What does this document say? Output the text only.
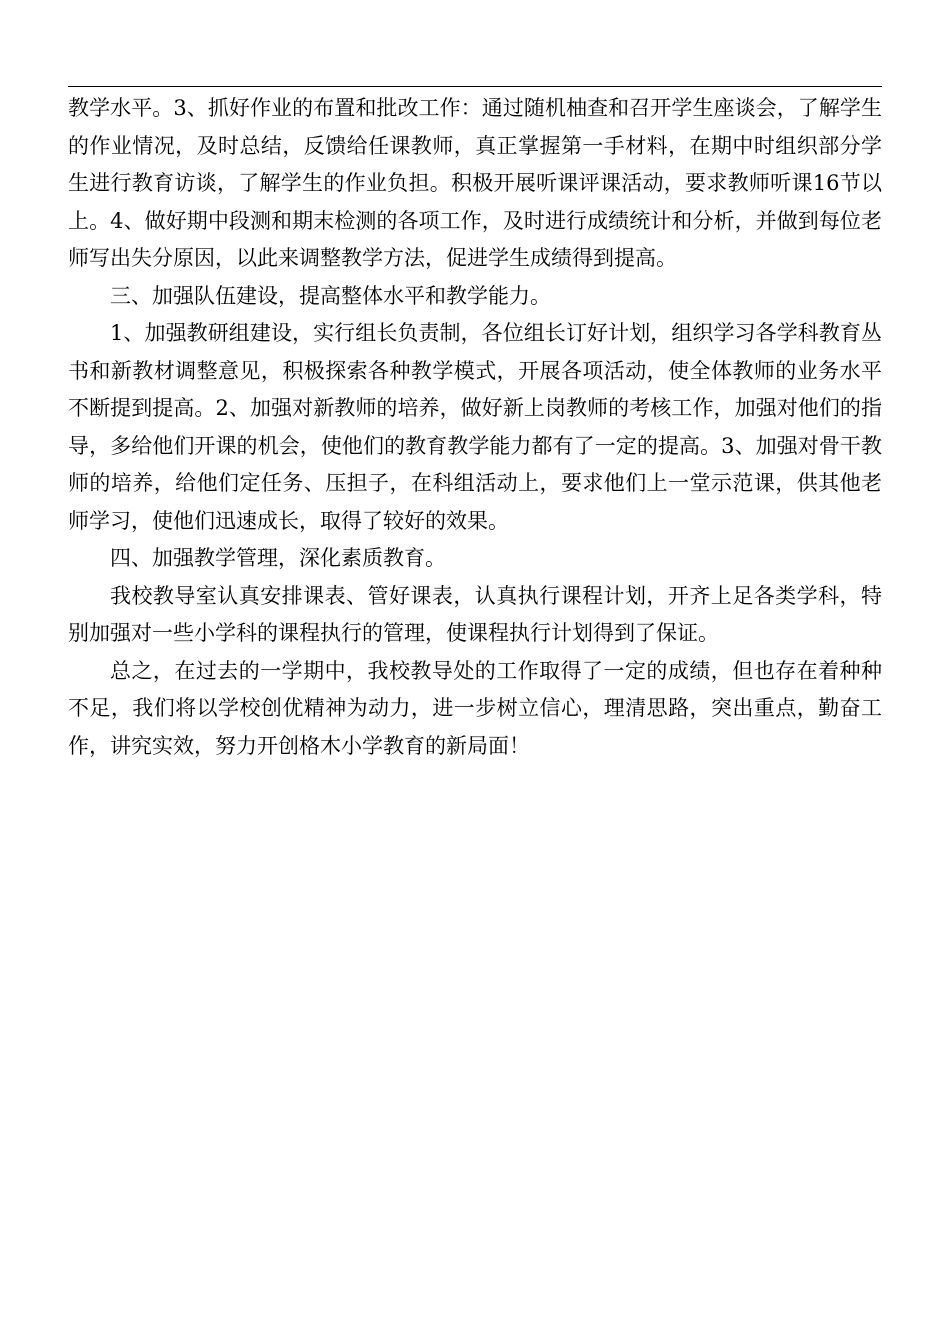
教学水平。3、抓好作业的布置和批改工作：通过随机柚查和召开学生座谈会，了解学生的作业情况，及时总结，反馈给任课教师，真正掌握第一手材料，在期中时组织部分学生进行教育访谈，了解学生的作业负担。积极开展听课评课活动，要求教师听课16节以上。4、做好期中段测和期末检测的各项工作，及时进行成绩统计和分析，并做到每位老师写出失分原因，以此来调整教学方法，促进学生成绩得到提高。

三、加强队伍建设，提高整体水平和教学能力。

1、加强教研组建设，实行组长负责制，各位组长订好计划，组织学习各学科教育丛书和新教材调整意见，积极探索各种教学模式，开展各项活动，使全体教师的业务水平不断提到提高。2、加强对新教师的培养，做好新上岗教师的考核工作，加强对他们的指导，多给他们开课的机会，使他们的教育教学能力都有了一定的提高。3、加强对骨干教师的培养，给他们定任务、压担子，在科组活动上，要求他们上一堂示范课，供其他老师学习，使他们迅速成长，取得了较好的效果。

四、加强教学管理，深化素质教育。

我校教导室认真安排课表、管好课表，认真执行课程计划，开齐上足各类学科，特别加强对一些小学科的课程执行的管理，使课程执行计划得到了保证。

总之，在过去的一学期中，我校教导处的工作取得了一定的成绩，但也存在着种种不足，我们将以学校创优精神为动力，进一步树立信心，理清思路，突出重点，勤奋工作，讲究实效，努力开创格木小学教育的新局面！
